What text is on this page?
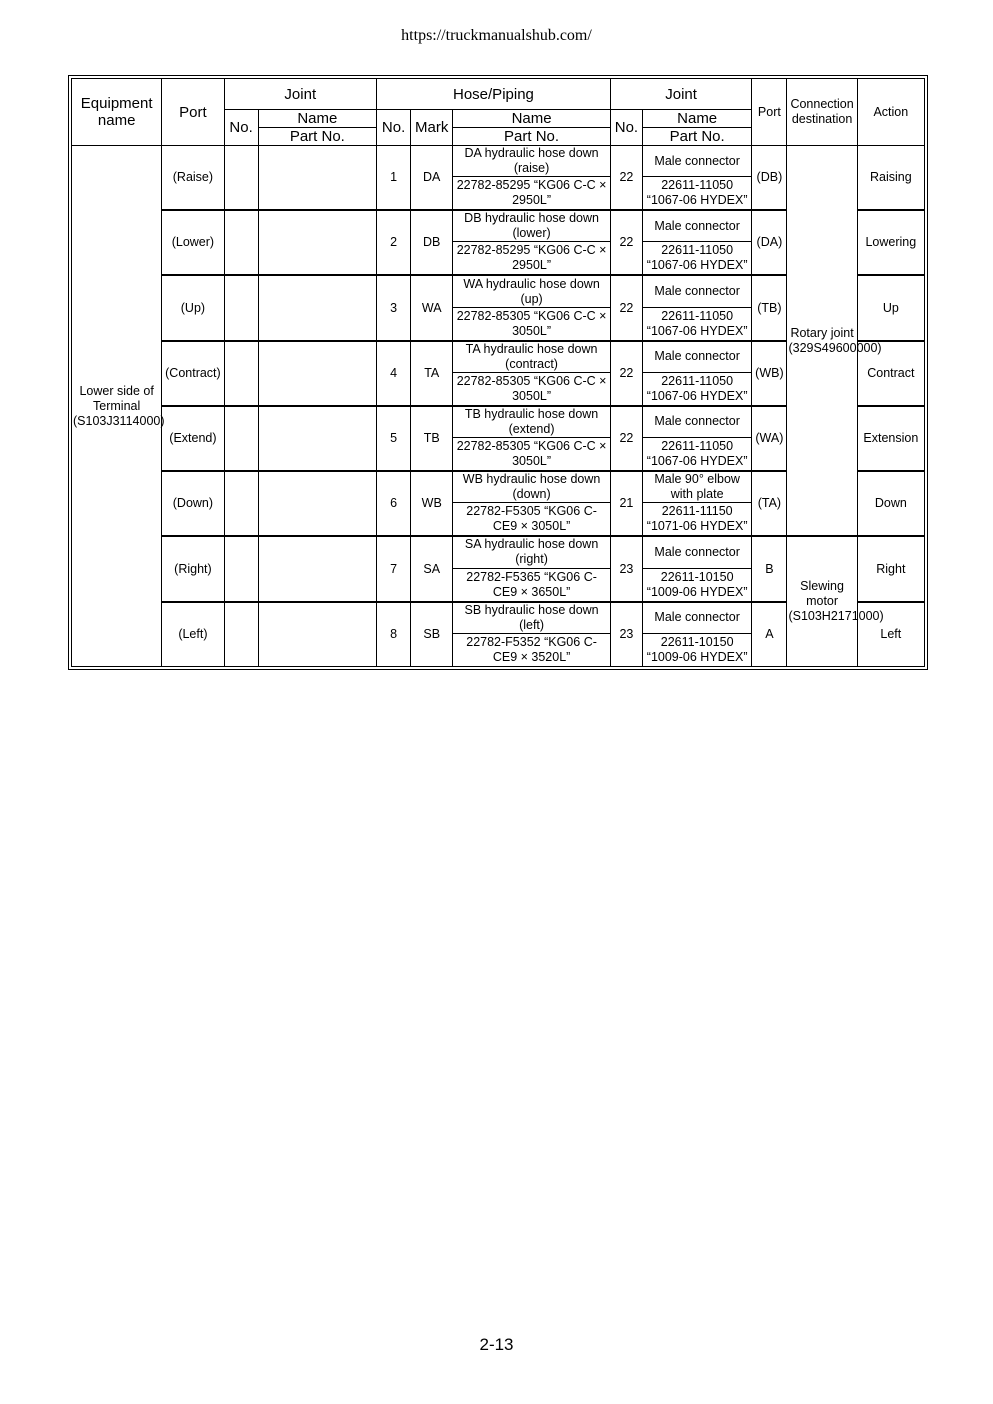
https://truckmanualshub.com/
Equipment name	Port	Joint		Hose/Piping			Joint		Port	Connection destination	Action
		No.	Name	No.	Mark	Name	No.	Name			
			Part No.			Part No.		Part No.			
Lower side of Terminal (S103J3114000)	(Raise)			1	DA	DA hydraulic hose down (raise)	22	Male connector	(DB)	Rotary joint (329S49600000)	Raising
						22782-85295 “KG06 C-C × 2950L”		22611-11050 “1067-06 HYDEX”			
	(Lower)			2	DB	DB hydraulic hose down (lower)	22	Male connector	(DA)		Lowering
						22782-85295 “KG06 C-C × 2950L”		22611-11050 “1067-06 HYDEX”			
	(Up)			3	WA	WA hydraulic hose down (up)	22	Male connector	(TB)		Up
						22782-85305 “KG06 C-C × 3050L”		22611-11050 “1067-06 HYDEX”			
	(Contract)			4	TA	TA hydraulic hose down (contract)	22	Male connector	(WB)		Contract
						22782-85305 “KG06 C-C × 3050L”		22611-11050 “1067-06 HYDEX”			
	(Extend)			5	TB	TB hydraulic hose down (extend)	22	Male connector	(WA)		Extension
						22782-85305 “KG06 C-C × 3050L”		22611-11050 “1067-06 HYDEX”			
	(Down)			6	WB	WB hydraulic hose down (down)	21	Male 90° elbow with plate	(TA)		Down
						22782-F5305 “KG06 C-CE9 × 3050L”		22611-11150 “1071-06 HYDEX”			
	(Right)			7	SA	SA hydraulic hose down (right)	23	Male connector	B	Slewing motor (S103H2171000)	Right
						22782-F5365 “KG06 C-CE9 × 3650L”		22611-10150 “1009-06 HYDEX”			
	(Left)			8	SB	SB hydraulic hose down (left)	23	Male connector	A		Left
						22782-F5352 “KG06 C-CE9 × 3520L”		22611-10150 “1009-06 HYDEX”			
2-13
